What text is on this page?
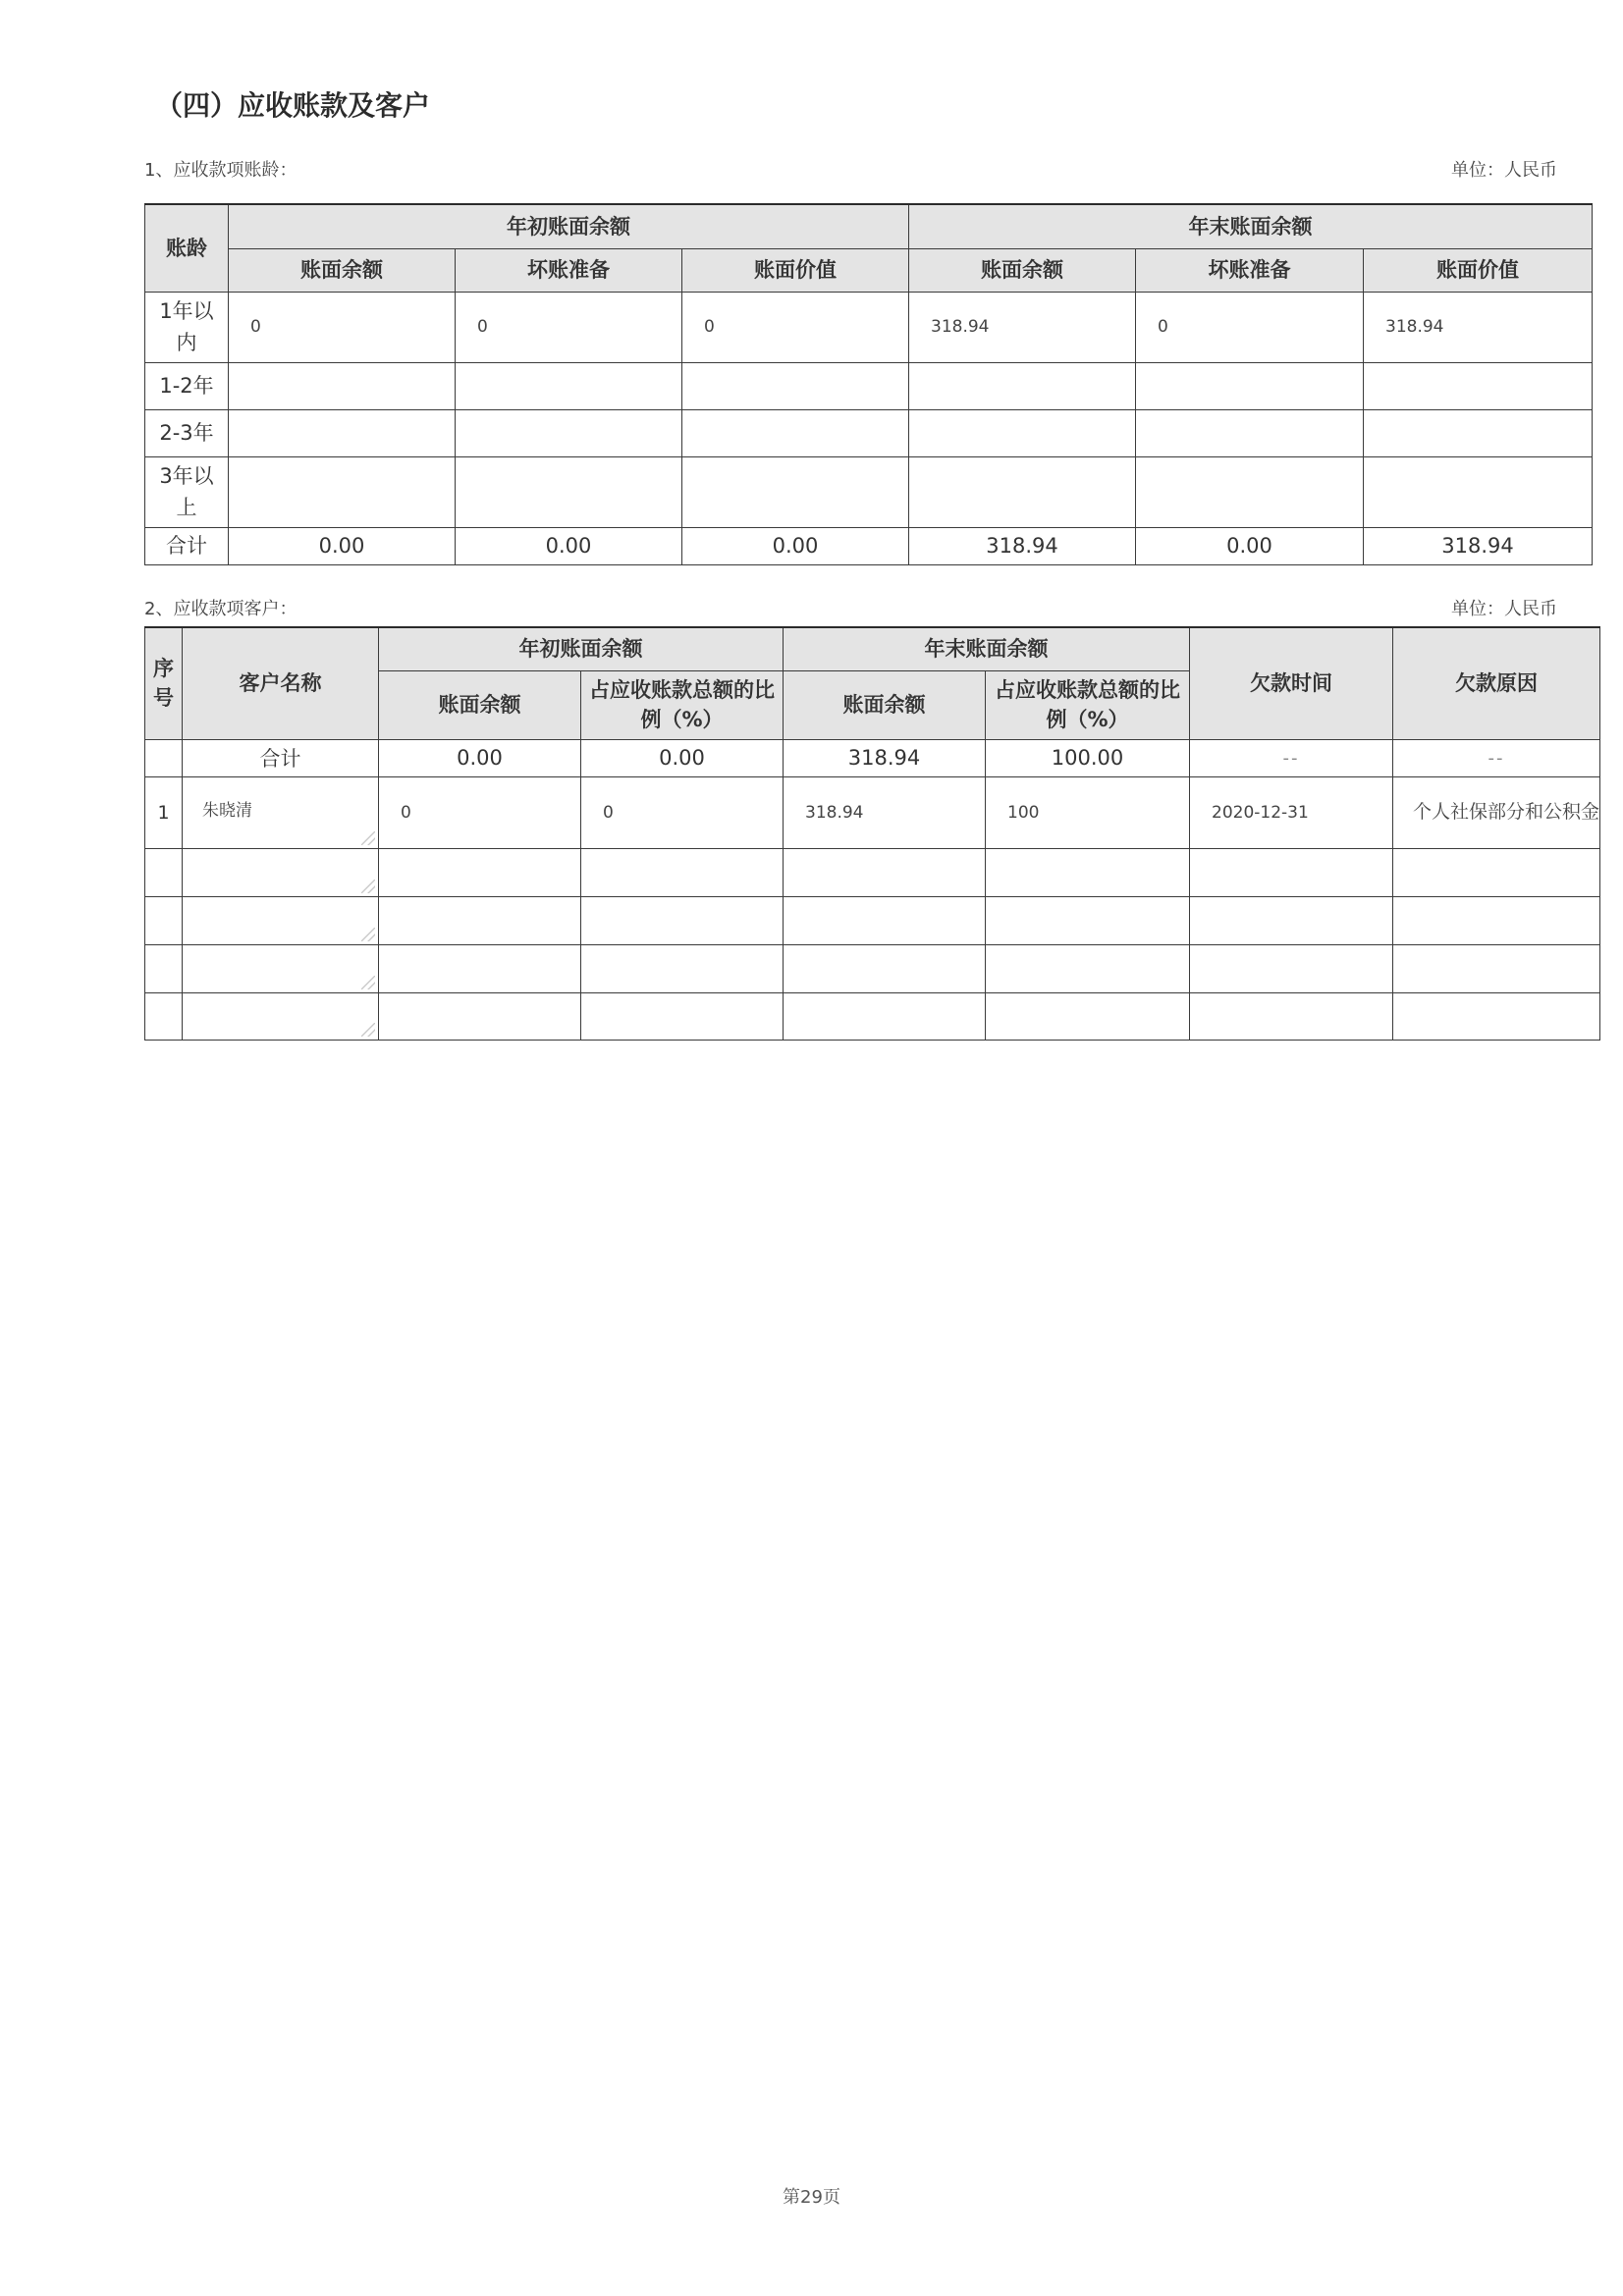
（四）应收账款及客户
1、应收款项账龄：	单位：人民币
账龄	年初账面余额			年末账面余额		
	账面余额	坏账准备	账面价值	账面余额	坏账准备	账面价值
1年以内	0	0	0	318.94	0	318.94
1-2年						
2-3年						
3年以上						
合计	0.00	0.00	0.00	318.94	0.00	318.94
2、应收款项客户：	单位：人民币
序号	客户名称	年初账面余额		年末账面余额		欠款时间	欠款原因
		账面余额	占应收账款总额的比例（%）	账面余额	占应收账款总额的比例（%）		
	合计	0.00	0.00	318.94	100.00	--	--
1	朱晓清	0	0	318.94	100	2020-12-31	个人社保部分和公积金

第29页
